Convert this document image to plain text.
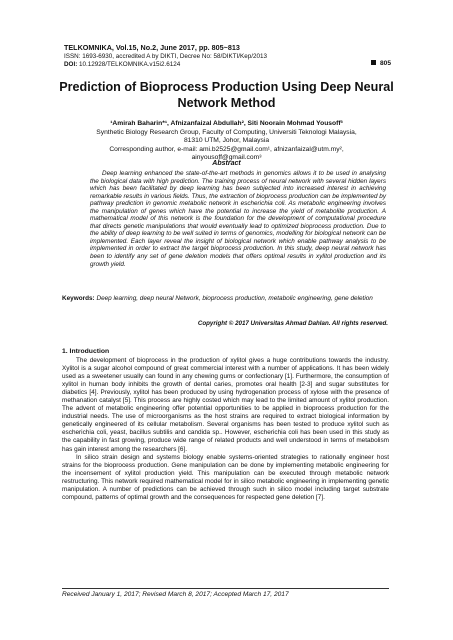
TELKOMNIKA, Vol.15, No.2, June 2017, pp. 805~813
ISSN: 1693-6930, accredited A by DIKTI, Decree No: 58/DIKTI/Kep/2013
DOI: 10.12928/TELKOMNIKA.v15i2.6124	805
Prediction of Bioprocess Production Using Deep Neural Network Method
¹Amirah Baharin*¹, Afnizanfaizal Abdullah², Siti Noorain Mohmad Yousoff³
Synthetic Biology Research Group, Faculty of Computing, Universiti Teknologi Malaysia,
81310 UTM, Johor, Malaysia
Corresponding author, e-mail: ami.b2525@gmail.com¹, afnizanfaizal@utm.my²,
ainyousoff@gmail.com³
Abstract
Deep learning enhanced the state-of-the-art methods in genomics allows it to be used in analysing the biological data with high prediction. The training process of neural network with several hidden layers which has been facilitated by deep learning has been subjected into increased interest in achieving remarkable results in various fields. Thus, the extraction of bioprocess production can be implemented by pathway prediction in genomic metabolic network in escherichia coli. As metabolic engineering involves the manipulation of genes which have the potential to increase the yield of metabolite production. A mathematical model of this network is the foundation for the development of computational procedure that directs genetic manipulations that would eventually lead to optimized bioprocess production. Due to the ability of deep learning to be well suited in terms of genomics, modelling for biological network can be implemented. Each layer reveal the insight of biological network which enable pathway analysis to be implemented in order to extract the target bioprocess production. In this study, deep neural network has been to identify any set of gene deletion models that offers optimal results in xylitol production and its growth yield.
Keywords: Deep learning, deep neural Network, bioprocess production, metabolic engineering, gene deletion
Copyright © 2017 Universitas Ahmad Dahlan. All rights reserved.
1. Introduction

The development of bioprocess in the production of xylitol gives a huge contributions towards the industry. Xylitol is a sugar alcohol compound of great commercial interest with a number of applications. It has been widely used as a sweetener usually can found in any chewing gums or confectionary [1]. Furthermore, the consumption of xylitol in human body inhibits the growth of dental caries, promotes oral health [2-3] and sugar substitutes for diabetics [4]. Previously, xylitol has been produced by using hydrogenation process of xylose with the presence of methanation catalyst [5]. This process are highly costed which may lead to the limited amount of xylitol production. The advent of metabolic engineering offer potential opportunities to be applied in bioprocess production for the industrial needs. The use of microorganisms as the host strains are required to extract biological information by genetically engineered of its cellular metabolism. Several organisms has been tested to produce xylitol such as escherichia coli, yeast, bacillus subtilis and candida sp.. However, escherichia coli has been used in this study as the capability in fast growing, produce wide range of related products and well understood in terms of metabolism has gain interest among the researchers [6].

In silico strain design and systems biology enable systems-oriented strategies to rationally engineer host strains for the bioprocess production. Gene manipulation can be done by implementing metabolic engineering for the incensement of xylitol production yield. This manipulation can be executed through metabolic network restructuring. This network required mathematical model for in silico metabolic engineering in implementing genetic manipulation. A number of predictions can be achieved through such in silico model including target substrate compound, patterns of optimal growth and the consequences for respected gene deletion [7].

Received January 1, 2017; Revised March 8, 2017; Accepted March 17, 2017
